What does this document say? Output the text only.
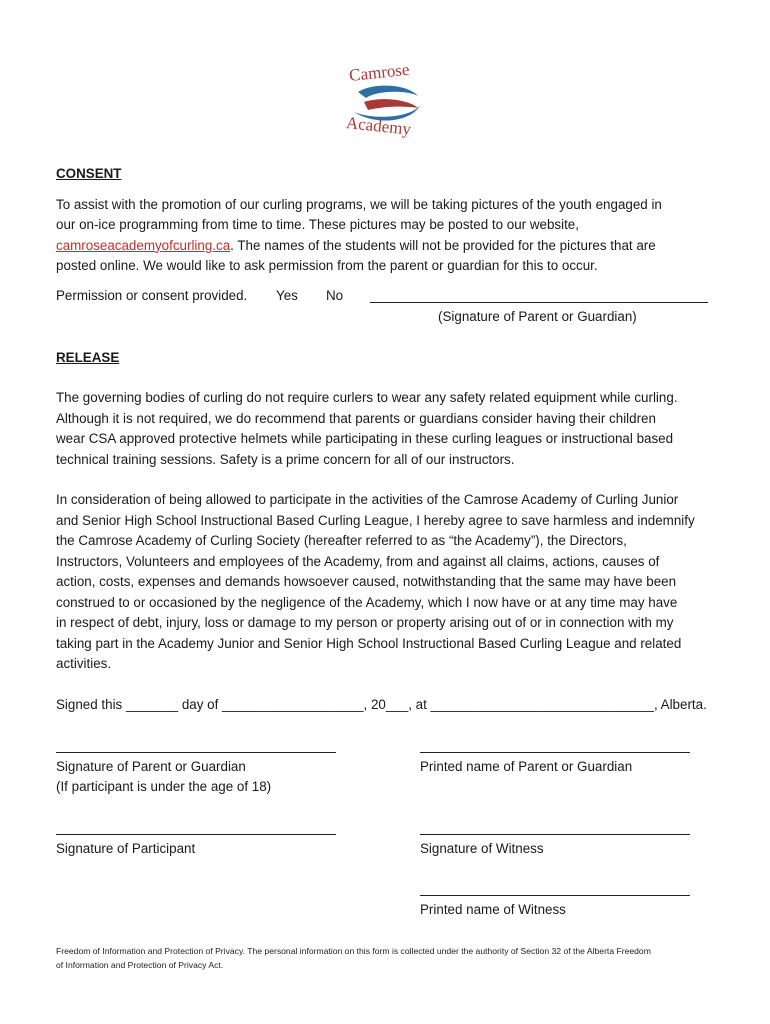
Camrose
Academy
CONSENT
To assist with the promotion of our curling programs, we will be taking pictures of the youth engaged in
our on-ice programming from time to time. These pictures may be posted to our website,
camroseacademyofcurling.ca. The names of the students will not be provided for the pictures that are
posted online. We would like to ask permission from the parent or guardian for this to occur.
Permission or consent provided. Yes No
(Signature of Parent or Guardian)
RELEASE
The governing bodies of curling do not require curlers to wear any safety related equipment while curling.
Although it is not required, we do recommend that parents or guardians consider having their children
wear CSA approved protective helmets while participating in these curling leagues or instructional based
technical training sessions. Safety is a prime concern for all of our instructors.
In consideration of being allowed to participate in the activities of the Camrose Academy of Curling Junior
and Senior High School Instructional Based Curling League, I hereby agree to save harmless and indemnify
the Camrose Academy of Curling Society (hereafter referred to as “the Academy”), the Directors,
Instructors, Volunteers and employees of the Academy, from and against all claims, actions, causes of
action, costs, expenses and demands howsoever caused, notwithstanding that the same may have been
construed to or occasioned by the negligence of the Academy, which I now have or at any time may have
in respect of debt, injury, loss or damage to my person or property arising out of or in connection with my
taking part in the Academy Junior and Senior High School Instructional Based Curling League and related
activities.
Signed this _______ day of ___________________, 20___, at ______________________________, Alberta.
Signature of Parent or Guardian
(If participant is under the age of 18)
Printed name of Parent or Guardian
Signature of Participant	Signature of Witness
Printed name of Witness
Freedom of Information and Protection of Privacy. The personal information on this form is collected under the authority of Section 32 of the Alberta Freedom
of Information and Protection of Privacy Act.
